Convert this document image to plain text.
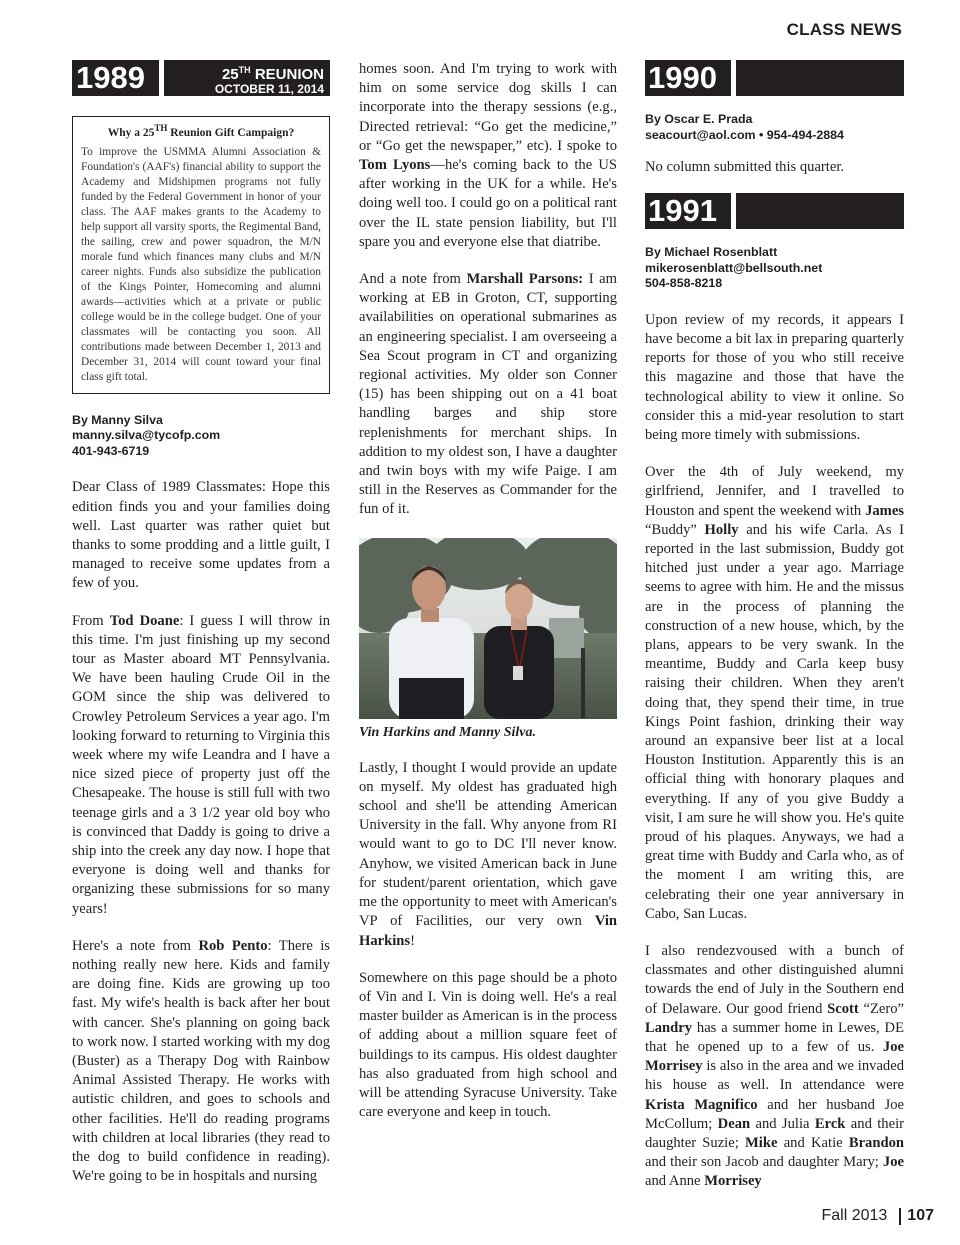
CLASS NEWS
1989	25TH REUNION
OCTOBER 11, 2014
Why a 25TH Reunion Gift Campaign?
To improve the USMMA Alumni Association & Foundation's (AAF's) financial ability to support the Academy and Midshipmen programs not fully funded by the Federal Government in honor of your class. The AAF makes grants to the Academy to help support all varsity sports, the Regimental Band, the sailing, crew and power squadron, the M/N morale fund which finances many clubs and M/N career nights. Funds also subsidize the publication of the Kings Pointer, Homecoming and alumni awards—activities which at a private or public college would be in the college budget. One of your classmates will be contacting you soon. All contributions made between December 1, 2013 and December 31, 2014 will count toward your final class gift total.
By Manny Silva
manny.silva@tycofp.com
401-943-6719

Dear Class of 1989 Classmates: Hope this edition finds you and your families doing well. Last quarter was rather quiet but thanks to some prodding and a little guilt, I managed to receive some updates from a few of you.

From Tod Doane: I guess I will throw in this time. I'm just finishing up my second tour as Master aboard MT Pennsylvania. We have been hauling Crude Oil in the GOM since the ship was delivered to Crowley Petroleum Services a year ago. I'm looking forward to returning to Virginia this week where my wife Leandra and I have a nice sized piece of property just off the Chesapeake. The house is still full with two teenage girls and a 3 1/2 year old boy who is convinced that Daddy is going to drive a ship into the creek any day now. I hope that everyone is doing well and thanks for organizing these submissions for so many years!

Here's a note from Rob Pento: There is nothing really new here. Kids and family are doing fine. Kids are growing up too fast. My wife's health is back after her bout with cancer. She's planning on going back to work now. I started working with my dog (Buster) as a Therapy Dog with Rainbow Animal Assisted Therapy. He works with autistic children, and goes to schools and other facilities. He'll do reading programs with children at local libraries (they read to the dog to build confidence in reading). We're going to be in hospitals and nursing

homes soon. And I'm trying to work with him on some service dog skills I can incorporate into the therapy sessions (e.g., Directed retrieval: “Go get the medicine,” or “Go get the newspaper,” etc). I spoke to Tom Lyons—he's coming back to the US after working in the UK for a while. He's doing well too. I could go on a political rant over the IL state pension liability, but I'll spare you and everyone else that diatribe.

And a note from Marshall Parsons: I am working at EB in Groton, CT, supporting availabilities on operational submarines as an engineering specialist. I am overseeing a Sea Scout program in CT and organizing regional activities. My older son Conner (15) has been shipping out on a 41 boat handling barges and ship store replenishments for merchant ships. In addition to my oldest son, I have a daughter and twin boys with my wife Paige. I am still in the Reserves as Commander for the fun of it.

Vin Harkins and Manny Silva.

Lastly, I thought I would provide an update on myself. My oldest has graduated high school and she'll be attending American University in the fall. Why anyone from RI would want to go to DC I'll never know. Anyhow, we visited American back in June for student/parent orientation, which gave me the opportunity to meet with American's VP of Facilities, our very own Vin Harkins!

Somewhere on this page should be a photo of Vin and I. Vin is doing well. He's a real master builder as American is in the process of adding about a million square feet of buildings to its campus. His oldest daughter has also graduated from high school and will be attending Syracuse University. Take care everyone and keep in touch.

1990
By Oscar E. Prada
seacourt@aol.com • 954-494-2884

No column submitted this quarter.

1991
By Michael Rosenblatt
mikerosenblatt@bellsouth.net
504-858-8218

Upon review of my records, it appears I have become a bit lax in preparing quarterly reports for those of you who still receive this magazine and those that have the technological ability to view it online. So consider this a mid-year resolution to start being more timely with submissions.

Over the 4th of July weekend, my girlfriend, Jennifer, and I travelled to Houston and spent the weekend with James “Buddy” Holly and his wife Carla. As I reported in the last submission, Buddy got hitched just under a year ago. Marriage seems to agree with him. He and the missus are in the process of planning the construction of a new house, which, by the plans, appears to be very swank. In the meantime, Buddy and Carla keep busy raising their children. When they aren't doing that, they spend their time, in true Kings Point fashion, drinking their way around an expansive beer list at a local Houston Institution. Apparently this is an official thing with honorary plaques and everything. If any of you give Buddy a visit, I am sure he will show you. He's quite proud of his plaques. Anyways, we had a great time with Buddy and Carla who, as of the moment I am writing this, are celebrating their one year anniversary in Cabo, San Lucas.

I also rendezvoused with a bunch of classmates and other distinguished alumni towards the end of July in the Southern end of Delaware. Our good friend Scott “Zero” Landry has a summer home in Lewes, DE that he opened up to a few of us. Joe Morrisey is also in the area and we invaded his house as well. In attendance were Krista Magnifico and her husband Joe McCollum; Dean and Julia Erck and their daughter Suzie; Mike and Katie Brandon and their son Jacob and daughter Mary; Joe and Anne Morrisey

Fall 2013 107
